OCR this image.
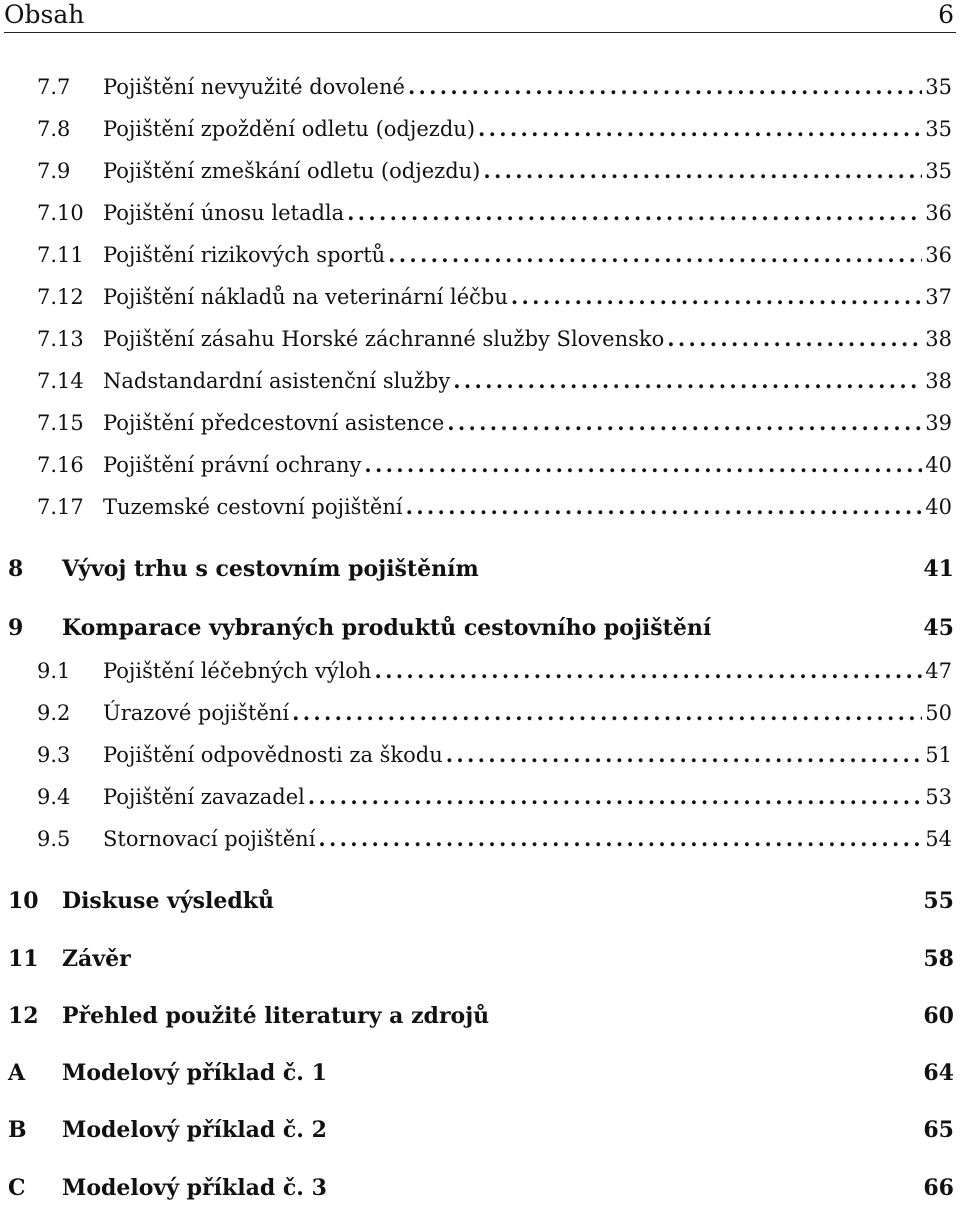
Obsah	6
7.7 Pojištění nevyužité dovolené . . .	35
7.8 Pojištění zpoždění odletu (odjezdu) . . .	35
7.9 Pojištění zmeškání odletu (odjezdu) . . .	35
7.10 Pojištění únosu letadla . . .	36
7.11 Pojištění rizikových sportů . . .	36
7.12 Pojištění nákladů na veterinární léčbu . . .	37
7.13 Pojištění zásahu Horské záchranné služby Slovensko . . .	38
7.14 Nadstandardní asistenční služby . . .	38
7.15 Pojištění předcestovní asistence . . .	39
7.16 Pojištění právní ochrany . . .	40
7.17 Tuzemské cestovní pojištění . . .	40
8 Vývoj trhu s cestovním pojištěním	41
9 Komparace vybraných produktů cestovního pojištění	45
9.1 Pojištění léčebných výloh . . .	47
9.2 Úrazové pojištění . . .	50
9.3 Pojištění odpovědnosti za škodu . . .	51
9.4 Pojištění zavazadel . . .	53
9.5 Stornovací pojištění . . .	54
10 Diskuse výsledků	55
11 Závěr	58
12 Přehled použité literatury a zdrojů	60
A Modelový příklad č. 1	64
B Modelový příklad č. 2	65
C Modelový příklad č. 3	66
